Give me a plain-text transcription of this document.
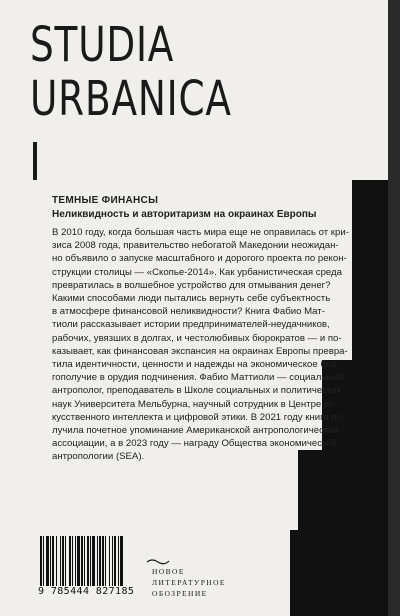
STUDIA
URBANICA
ТЕМНЫЕ ФИНАНСЫ
Неликвидность и авторитаризм на окраинах Европы

В 2010 году, когда большая часть мира еще не оправилась от кри-

зиса 2008 года, правительство небогатой Македонии неожидан-

но объявило о запуске масштабного и дорогого проекта по рекон-

струкции столицы — «Скопье-2014». Как урбанистическая среда

превратилась в волшебное устройство для отмывания денег?

Какими способами люди пытались вернуть себе субъектность

в атмосфере финансовой неликвидности? Книга Фабио Мат-

тиоли рассказывает истории предпринимателей-неудачников,

рабочих, увязших в долгах, и честолюбивых бюрократов — и по-

казывает, как финансовая экспансия на окраинах Европы превра-

тила идентичности, ценности и надежды на экономическое бла-

гополучие в орудия подчинения. Фабио Маттиоли — социальный

антрополог, преподаватель в Школе социальных и политических

наук Университета Мельбурна, научный сотрудник в Центре ис-

кусственного интеллекта и цифровой этики. В 2021 году книга по-

лучила почетное упоминание Американской антропологической

ассоциации, а в 2023 году — награду Общества экономической

антропологии (SEA).

9 785444 827185
НОВОЕ
ЛИТЕРАТУРНОЕ
ОБОЗРЕНИЕ
